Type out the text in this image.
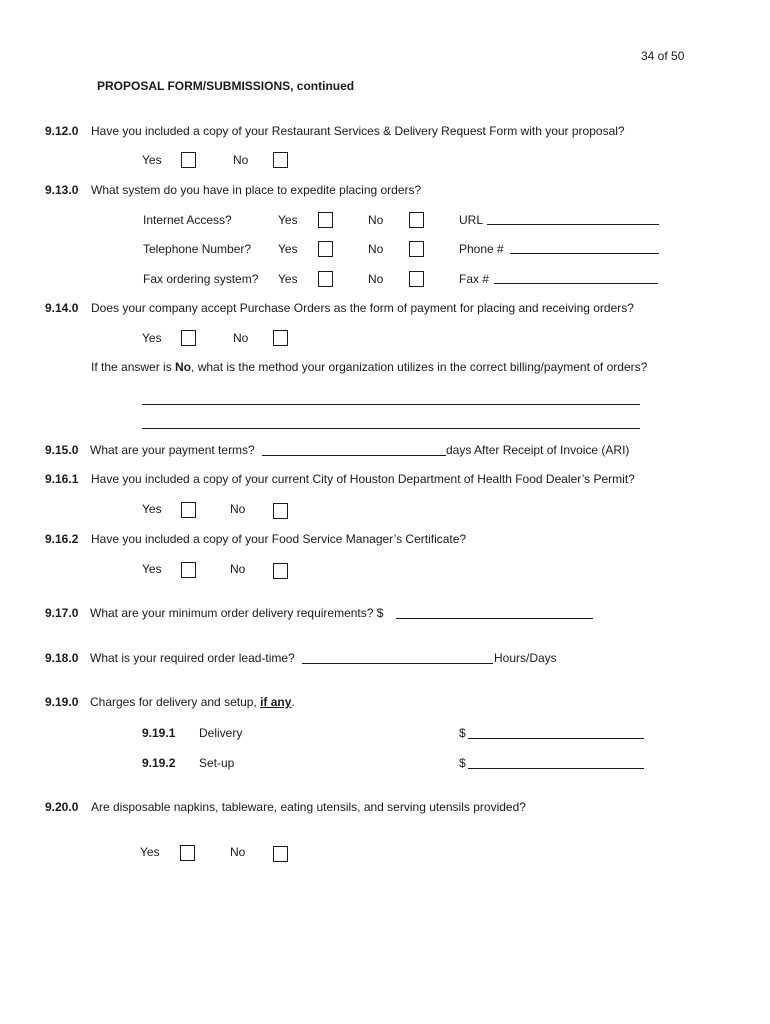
34 of 50
PROPOSAL FORM/SUBMISSIONS, continued
9.12.0 Have you included a copy of your Restaurant Services & Delivery Request Form with your proposal?
Yes	No
9.13.0 What system do you have in place to expedite placing orders?
Internet Access?	Yes	No	URL
Telephone Number? Yes	No	Phone #
Fax ordering system? Yes	No	Fax #
9.14.0 Does your company accept Purchase Orders as the form of payment for placing and receiving orders?
Yes	No
If the answer is No, what is the method your organization utilizes in the correct billing/payment of orders?
9.15.0 What are your payment terms?	days After Receipt of Invoice (ARI)
9.16.1 Have you included a copy of your current City of Houston Department of Health Food Dealer’s Permit?
Yes	No
9.16.2 Have you included a copy of your Food Service Manager’s Certificate?
Yes	No
9.17.0 What are your minimum order delivery requirements? $
9.18.0 What is your required order lead-time?	Hours/Days
9.19.0 Charges for delivery and setup, if any.
9.19.1 Delivery	$
9.19.2 Set-up	$
9.20.0 Are disposable napkins, tableware, eating utensils, and serving utensils provided?
Yes	No
